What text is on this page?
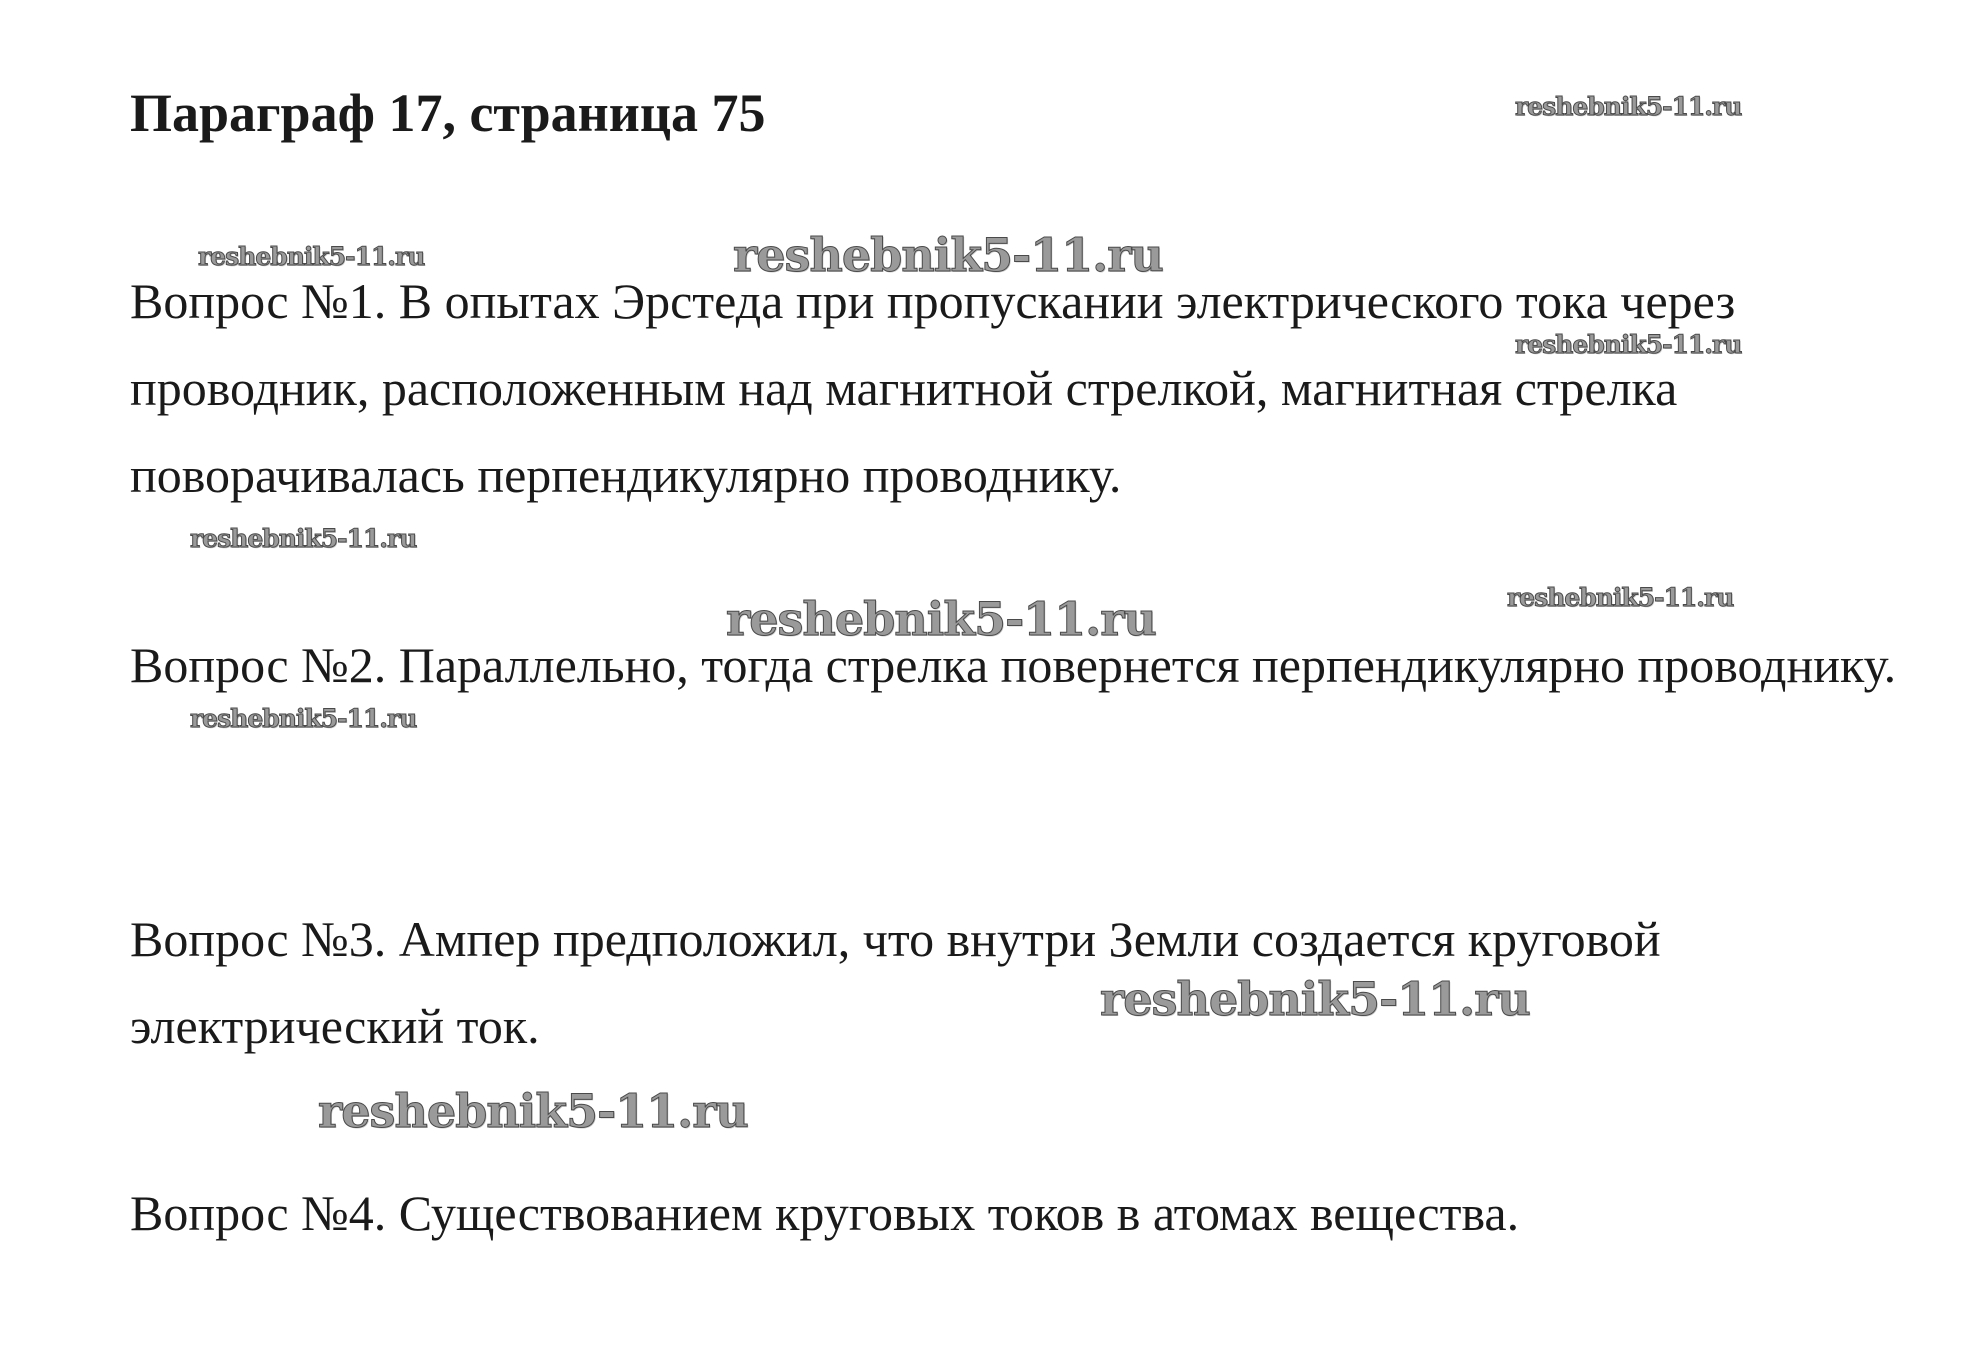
Параграф 17, страница 75

Вопрос №1. В опытах Эрстеда при пропускании электрического тока через проводник, расположенным над магнитной стрелкой, магнитная стрелка поворачивалась перпендикулярно проводнику.

Вопрос №2. Параллельно, тогда стрелка повернется перпендикулярно проводнику.

Вопрос №3. Ампер предположил, что внутри Земли создается круговой электрический ток.

Вопрос №4. Существованием круговых токов в атомах вещества.

reshebnik5-11.ru
reshebnik5-11.ru	reshebnik5-11.ru
reshebnik5-11.ru
reshebnik5-11.ru
reshebnik5-11.ru
reshebnik5-11.ru
reshebnik5-11.ru
reshebnik5-11.ru
reshebnik5-11.ru
